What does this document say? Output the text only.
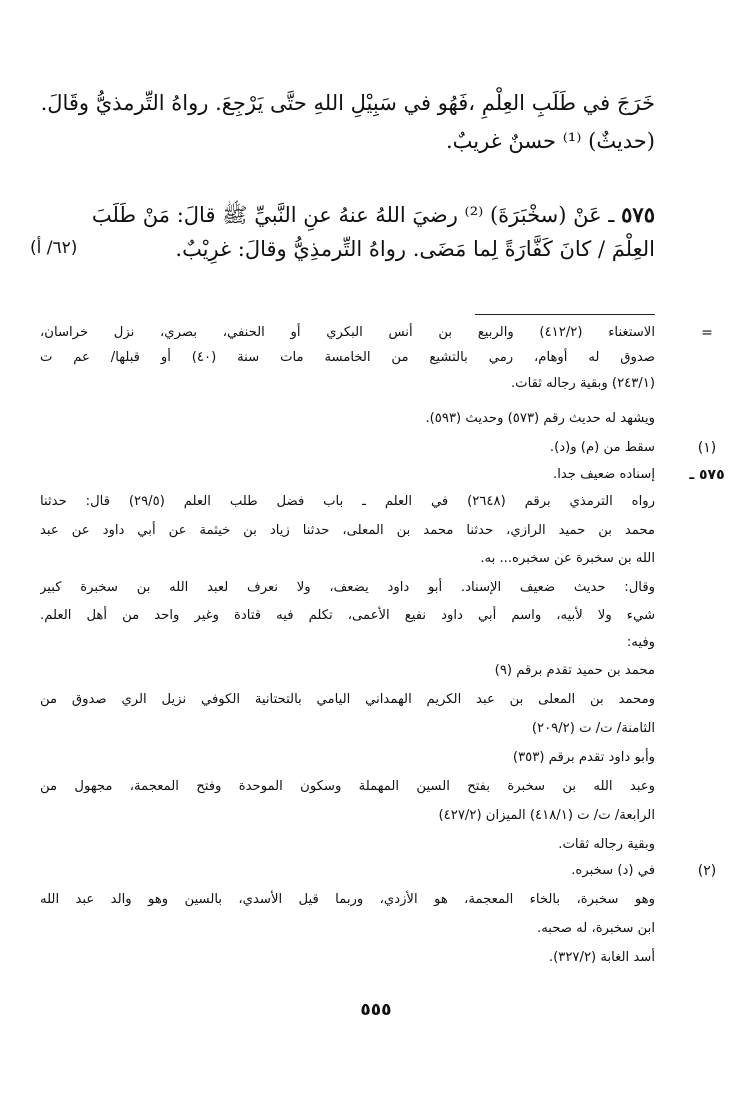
خَرَجَ في طَلَبِ العِلْمِ ،فَهُو في سَبِيْلِ اللهِ حتَّى يَرْجِعَ. رواهُ التِّرمذيُّ وقَالَ.
(حديثٌ) ⁽¹⁾ حسنٌ غريبٌ.
٥٧٥ ـ عَنْ (سخْبَرَةَ) ⁽²⁾ رضيَ اللهُ عنهُ عنِ النَّبيِّ ﷺ قالَ: مَنْ طَلَبَ
العِلْمَ / كانَ كَفَّارَةً لِما مَضَى. رواهُ التِّرمذِيُّ وقالَ: غرِيْبٌ.
(٦٢/ أ)
=
الاستغناء (٤١٢/٢) والربيع بن أنس البكري أو الحنفي، بصري، نزل خراسان،
صدوق له أوهام، رمي بالتشيع من الخامسة مات سنة (٤٠) أو قبلها/ عم ت
(٢٤٣/١) وبقية رجاله ثقات.
ويشهد له حديث رقم (٥٧٣) وحديث (٥٩٣).
(١)
سقط من (م) و(د).
٥٧٥ ـ
إسناده ضعيف جدا.
رواه الترمذي برقم (٢٦٤٨) في العلم ـ باب فضل طلب العلم (٢٩/٥) قال: حدثنا
محمد بن حميد الرازي، حدثنا محمد بن المعلى، حدثنا زياد بن خيثمة عن أبي داود عن عبد
الله بن سخبرة عن سخبره... به.
وقال: حديث ضعيف الإسناد. أبو داود يضعف، ولا نعرف لعبد الله بن سخبرة كبير
شيء ولا لأبيه، واسم أبي داود نفيع الأعمى، تكلم فيه قتادة وغير واحد من أهل العلم.
وفيه:
محمد بن حميد تقدم برقم (٩)
ومحمد بن المعلى بن عبد الكريم الهمداني اليامي بالتحتانية الكوفي نزيل الري صدوق من
الثامنة/ ت/ ت (٢٠٩/٢)
وأبو داود تقدم برقم (٣٥٣)
وعبد الله بن سخبرة بفتح السين المهملة وسكون الموحدة وفتح المعجمة، مجهول من
الرابعة/ ت/ ت (٤١٨/١) الميزان (٤٢٧/٢)
وبقية رجاله ثقات.
(٢)
في (د) سخبره.
وهو سخبرة، بالخاء المعجمة، هو الأزدي، وربما قيل الأسدي، بالسين وهو والد عبد الله
ابن سخبرة، له صحبه.
أسد الغابة (٣٢٧/٢).
٥٥٥
